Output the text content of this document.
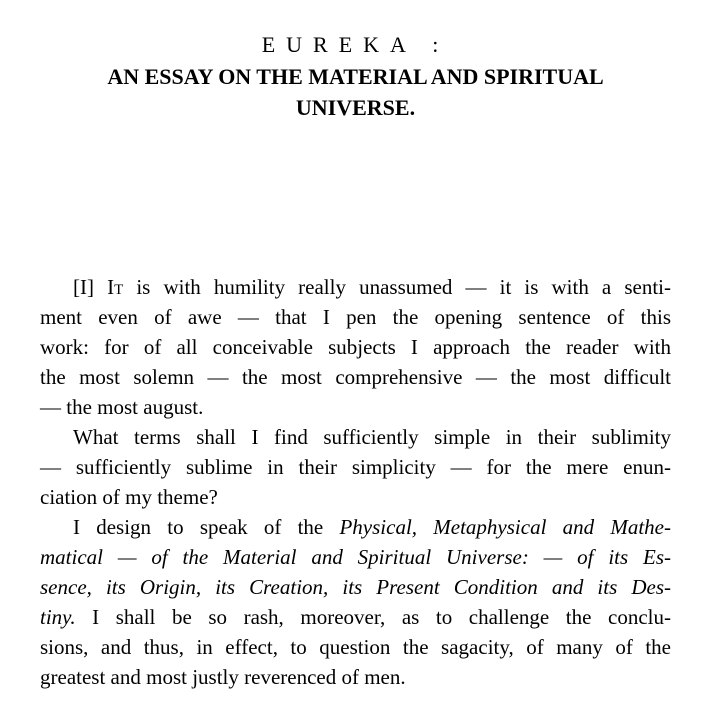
EUREKA :
AN ESSAY ON THE MATERIAL AND SPIRITUAL
UNIVERSE.
[I] It is with humility really unassumed — it is with a senti-
ment even of awe — that I pen the opening sentence of this
work: for of all conceivable subjects I approach the reader with
the most solemn — the most comprehensive — the most difficult
— the most august.
What terms shall I find sufficiently simple in their sublimity
— sufficiently sublime in their simplicity — for the mere enun-
ciation of my theme?
I design to speak of the Physical, Metaphysical and Mathe-
matical — of the Material and Spiritual Universe: — of its Es-
sence, its Origin, its Creation, its Present Condition and its Des-
tiny. I shall be so rash, moreover, as to challenge the conclu-
sions, and thus, in effect, to question the sagacity, of many of the
greatest and most justly reverenced of men.
